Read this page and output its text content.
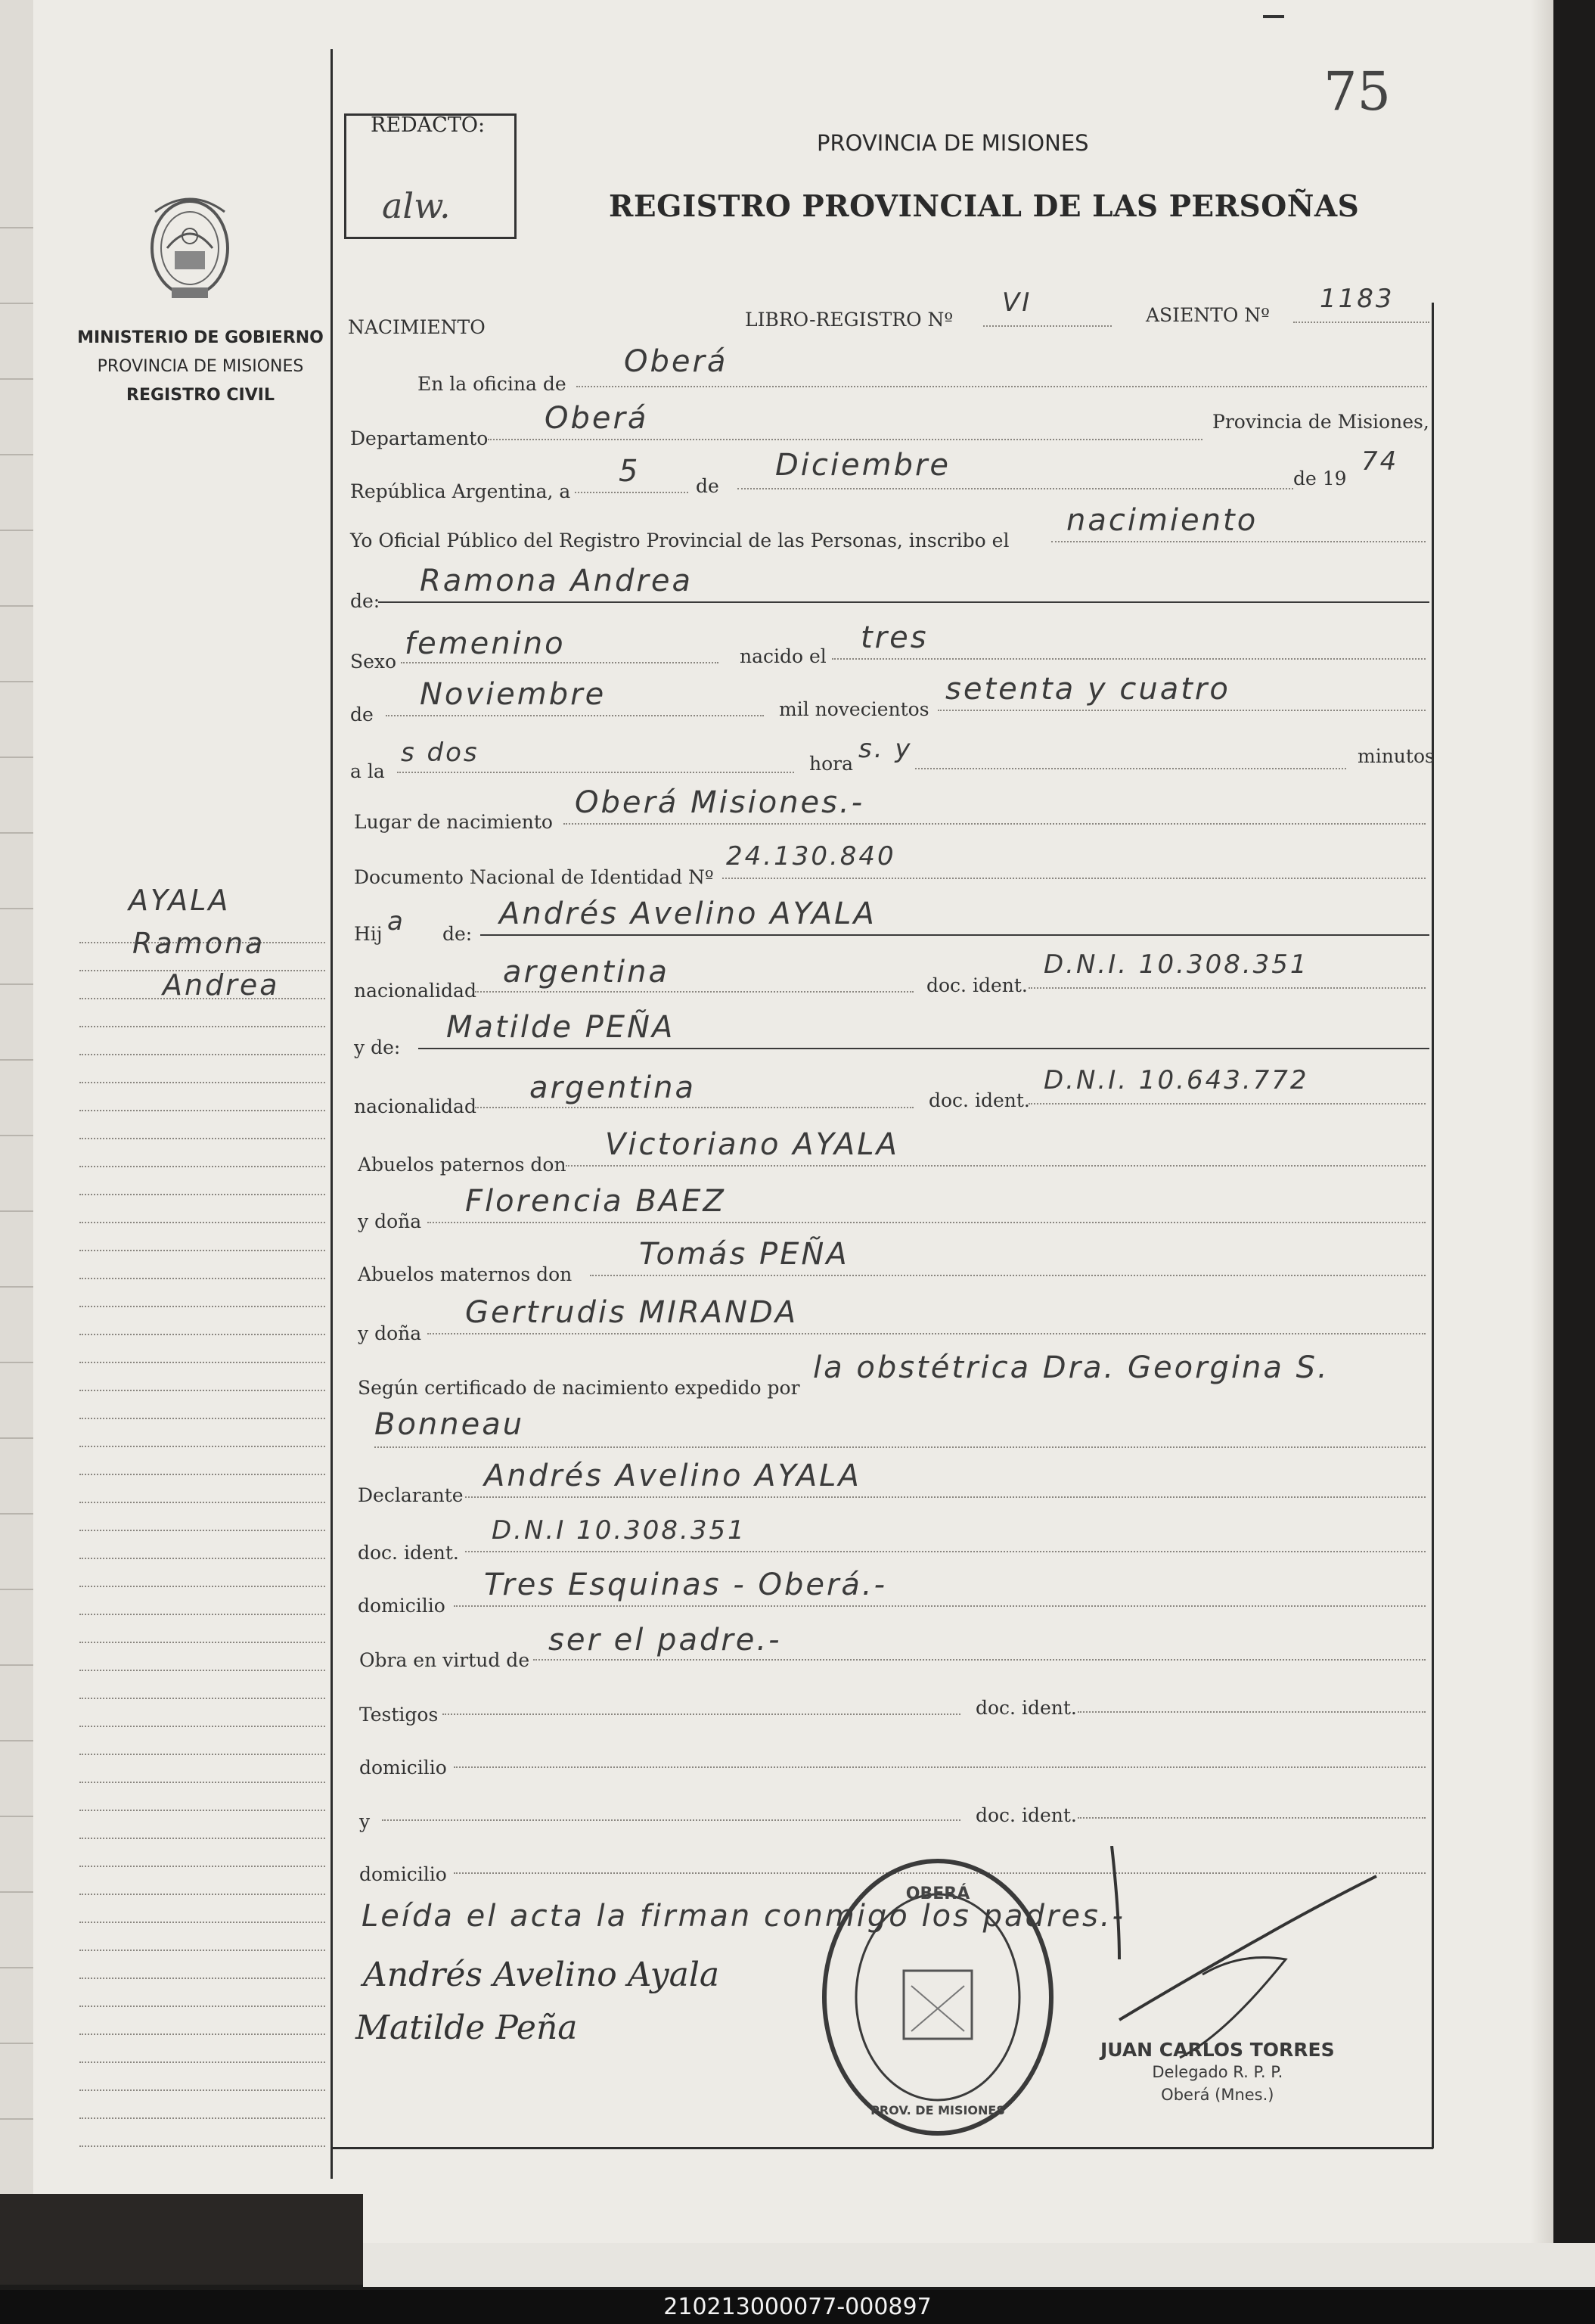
75
REDACTO:
alw.
PROVINCIA DE MISIONES
REGISTRO PROVINCIAL DE LAS PERSOÑAS
MINISTERIO DE GOBIERNO
PROVINCIA DE MISIONES
REGISTRO CIVIL
AYALA
Ramona
Andrea
NACIMIENTO	LIBRO-REGISTRO Nº
VI	ASIENTO Nº
1183
En la oficina de
Oberá
Departamento
Oberá	Provincia de Misiones,
República Argentina, a
5	de
Diciembre	de 19
74
Yo Oficial Público del Registro Provincial de las Personas, inscribo el
nacimiento
de:
Ramona Andrea
Sexo
femenino	nacido el
tres
de
Noviembre	mil novecientos
setenta y cuatro
a la
s dos	hora s. y	minutos
Lugar de nacimiento
Oberá Misiones.-
Documento Nacional de Identidad Nº
24.130.840
Hij a de:
Andrés Avelino AYALA
nacionalidad
argentina	doc. ident.
D.N.I. 10.308.351
y de:
Matilde PEÑA
nacionalidad
argentina	doc. ident.
D.N.I. 10.643.772
Abuelos paternos don
Victoriano AYALA
y doña
Florencia BAEZ
Abuelos maternos don
Tomás PEÑA
y doña
Gertrudis MIRANDA
Según certificado de nacimiento expedido por
la obstétrica Dra. Georgina S.
Bonneau
Declarante
Andrés Avelino AYALA
doc. ident.
D.N.I 10.308.351
domicilio
Tres Esquinas - Oberá.-
Obra en virtud de
ser el padre.-
Testigos	doc. ident.
domicilio
y	doc. ident.
domicilio
Leída el acta la firman conmigo los padres.-
Andrés Avelino Ayala
Matilde Peña
OBERÁ
PROV. DE MISIONES
JUAN CARLOS TORRES
Delegado R. P. P.
Oberá (Mnes.)
210213000077-000897
